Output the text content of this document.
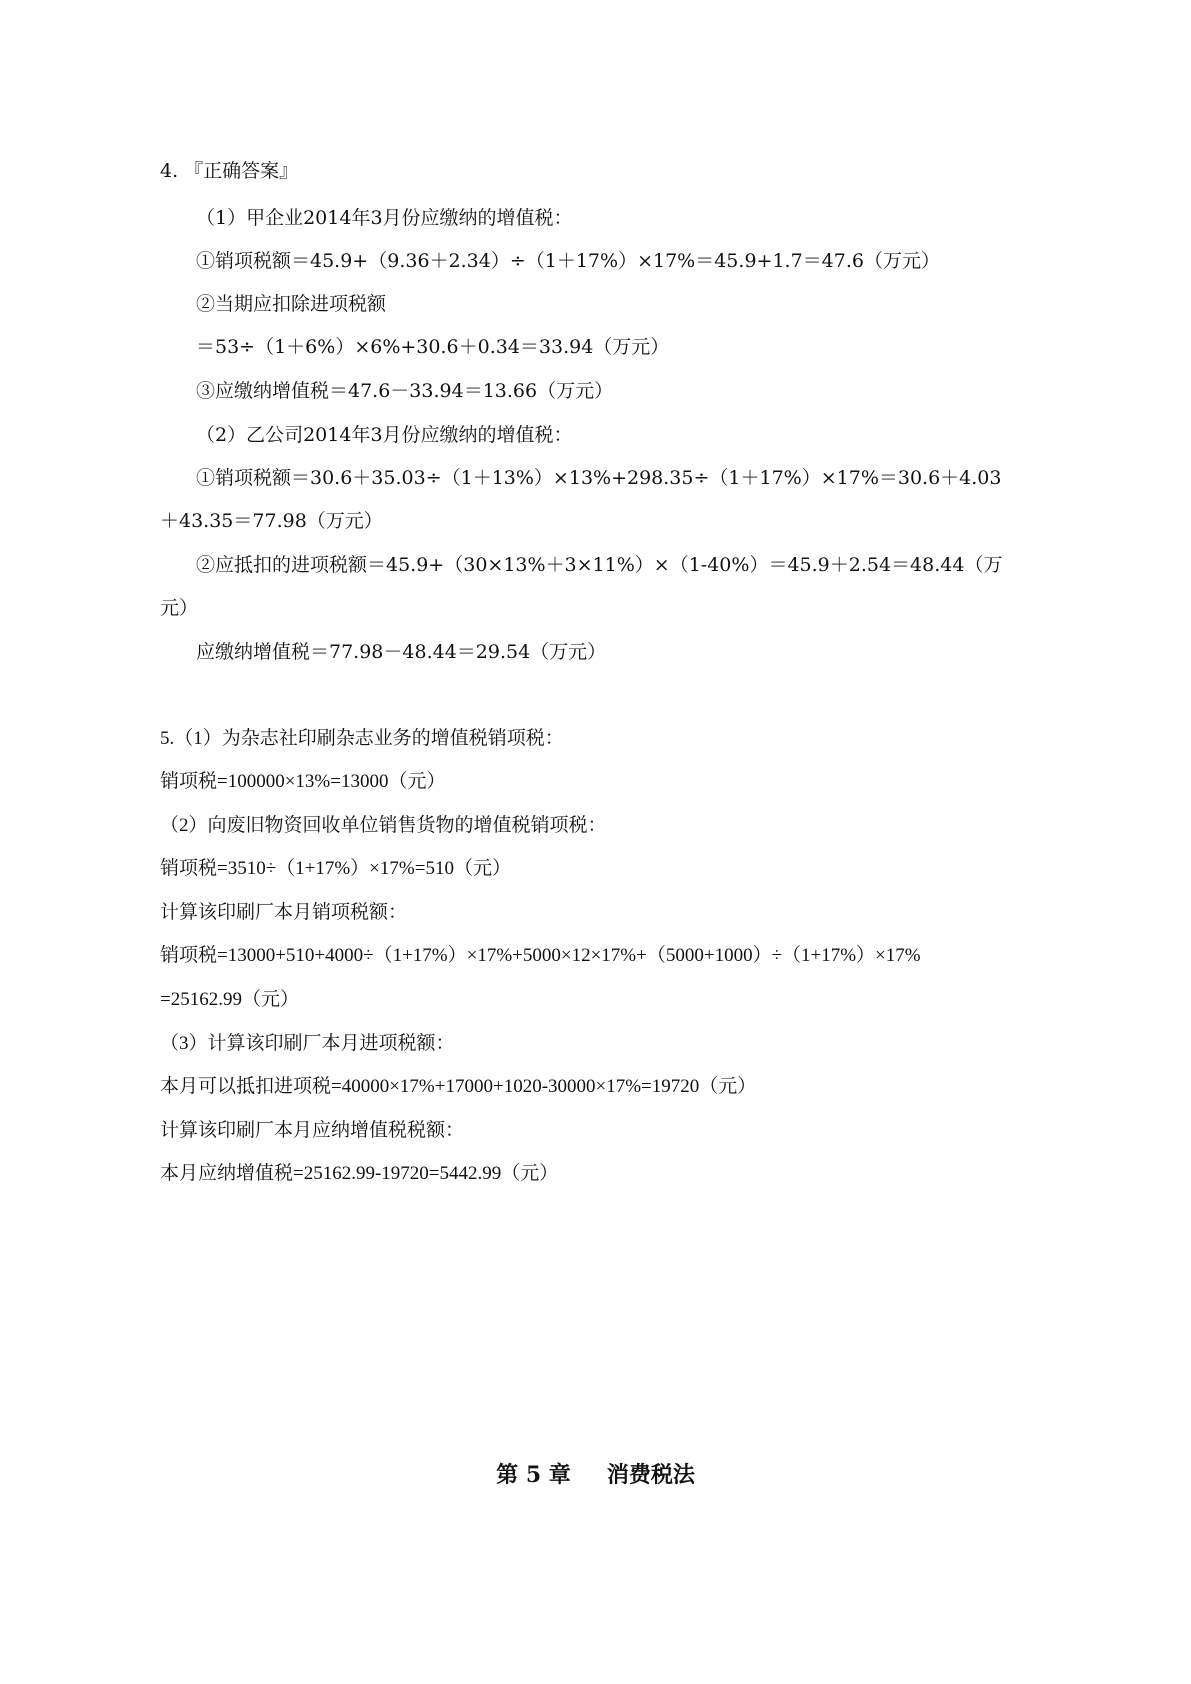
4. 『正确答案』
（1）甲企业2014年3月份应缴纳的增值税：
①销项税额＝45.9+（9.36＋2.34）÷（1＋17%）×17%＝45.9+1.7＝47.6（万元）
②当期应扣除进项税额
＝53÷（1＋6%）×6%+30.6＋0.34＝33.94（万元）
③应缴纳增值税＝47.6－33.94＝13.66（万元）
（2）乙公司2014年3月份应缴纳的增值税：
①销项税额＝30.6＋35.03÷（1＋13%）×13%+298.35÷（1＋17%）×17%＝30.6＋4.03
＋43.35＝77.98（万元）
②应抵扣的进项税额＝45.9+（30×13%＋3×11%）×（1-40%）＝45.9＋2.54＝48.44（万
元）
应缴纳增值税＝77.98－48.44＝29.54（万元）
5.（1）为杂志社印刷杂志业务的增值税销项税：
销项税=100000×13%=13000（元）
（2）向废旧物资回收单位销售货物的增值税销项税：
销项税=3510÷（1+17%）×17%=510（元）
计算该印刷厂本月销项税额：
销项税=13000+510+4000÷（1+17%）×17%+5000×12×17%+（5000+1000）÷（1+17%）×17%
=25162.99（元）
（3）计算该印刷厂本月进项税额：
本月可以抵扣进项税=40000×17%+17000+1020-30000×17%=19720（元）
计算该印刷厂本月应纳增值税税额：
本月应纳增值税=25162.99-19720=5442.99（元）
第 5 章 消费税法
